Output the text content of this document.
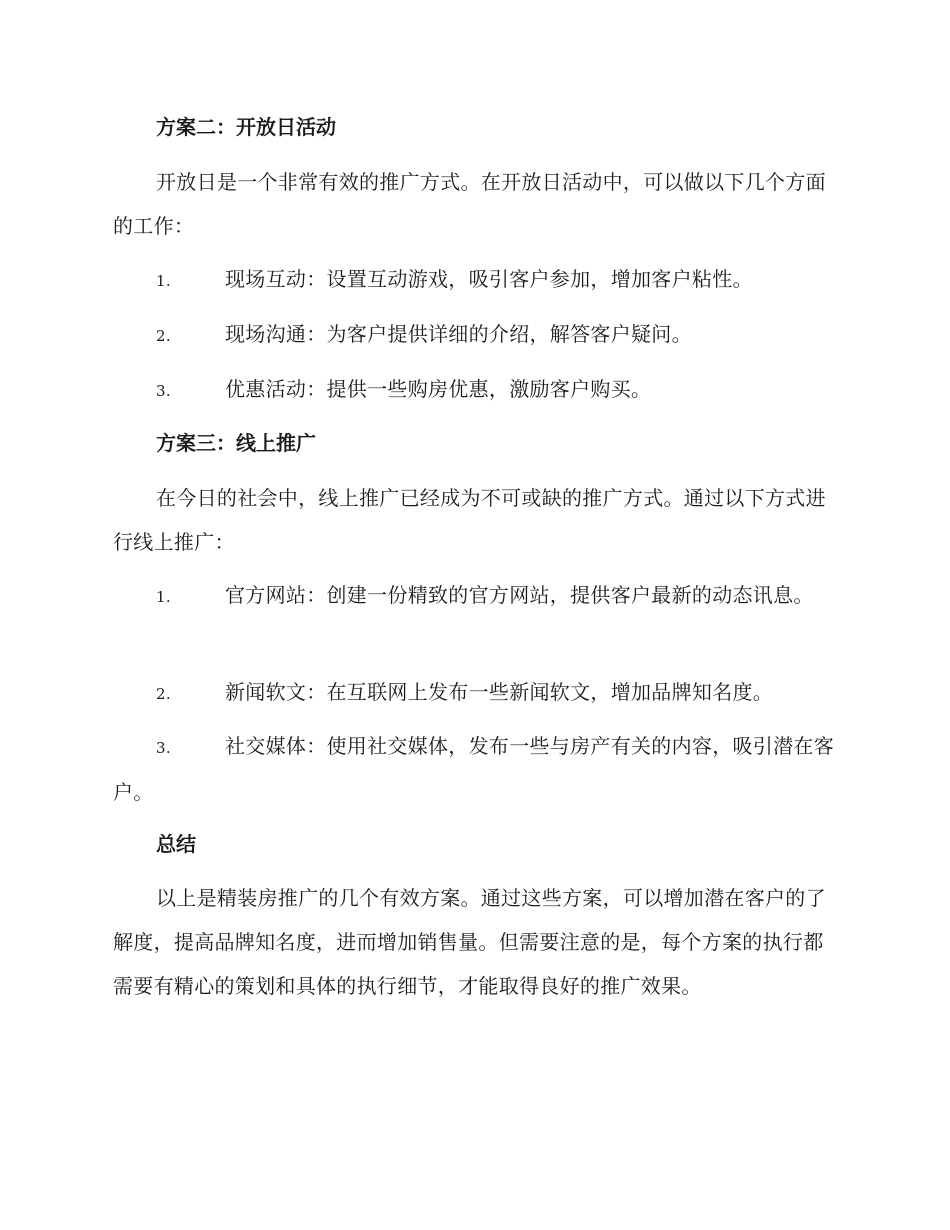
方案二：开放日活动
开放日是一个非常有效的推广方式。在开放日活动中，可以做以下几个方面的工作：
1.	现场互动：设置互动游戏，吸引客户参加，增加客户粘性。
2.	现场沟通：为客户提供详细的介绍，解答客户疑问。
3.	优惠活动：提供一些购房优惠，激励客户购买。
方案三：线上推广
在今日的社会中，线上推广已经成为不可或缺的推广方式。通过以下方式进行线上推广：
1.	官方网站：创建一份精致的官方网站，提供客户最新的动态讯息。
2.	新闻软文：在互联网上发布一些新闻软文，增加品牌知名度。
3.	社交媒体：使用社交媒体，发布一些与房产有关的内容，吸引潜在客户。
总结
以上是精装房推广的几个有效方案。通过这些方案，可以增加潜在客户的了解度，提高品牌知名度，进而增加销售量。但需要注意的是，每个方案的执行都需要有精心的策划和具体的执行细节，才能取得良好的推广效果。
